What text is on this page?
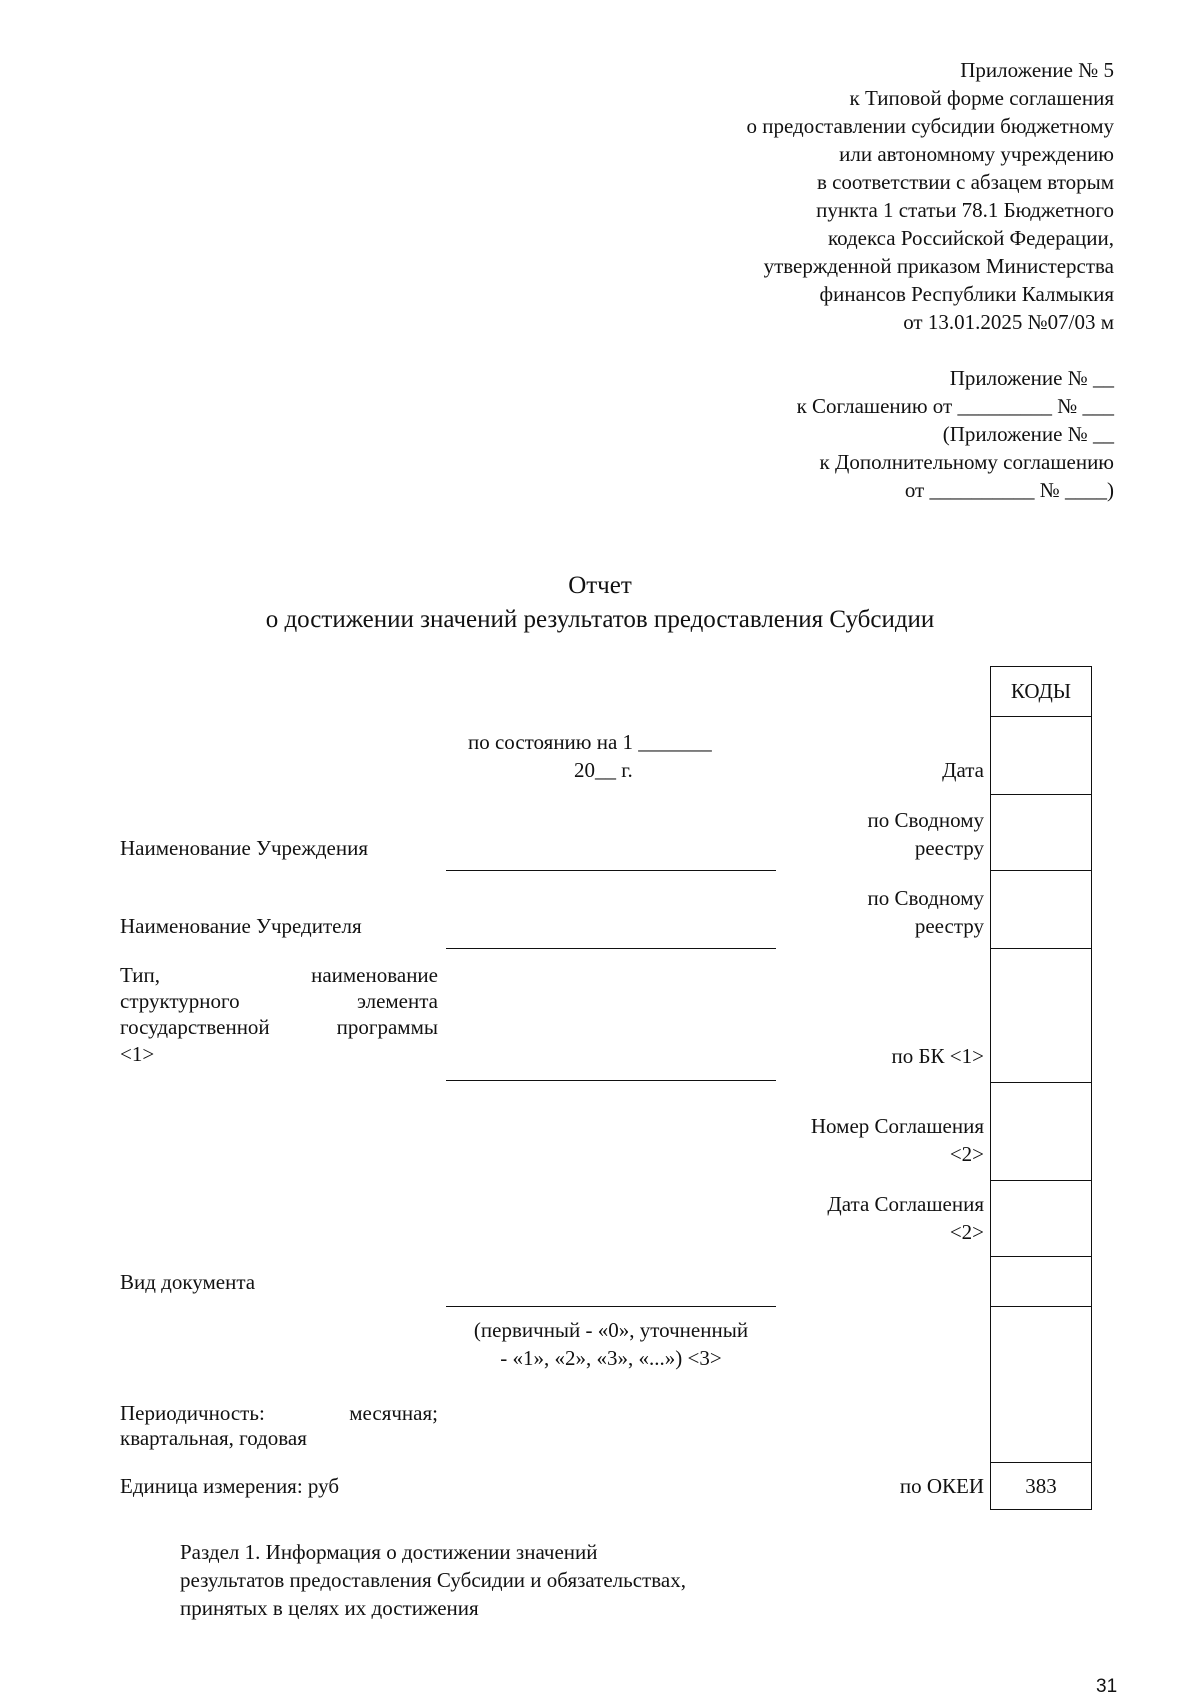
Приложение № 5
к Типовой форме соглашения
о предоставлении субсидии бюджетному
или автономному учреждению
в соответствии с абзацем вторым
пункта 1 статьи 78.1 Бюджетного
кодекса Российской Федерации,
утвержденной приказом Министерства
финансов Республики Калмыкия
от 13.01.2025 №07/03 м
Приложение № __
к Соглашению от _________ № ___
(Приложение № __
к Дополнительному соглашению
от __________ № ____)
Отчет
о достижении значений результатов предоставления Субсидии
КОДЫ
383
по состоянию на 1 _______
20__ г.	Дата
по Сводному
реестру
по Сводному
реестру
по БК <1>
Номер Соглашения
<2>
Дата Соглашения
<2>
по ОКЕИ
Наименование Учреждения
Наименование Учредителя
Тип, наименование
структурного элемента
государственной программы
<1>
Вид документа
(первичный - «0», уточненный
- «1», «2», «3», «...») <3>
Периодичность: месячная;
квартальная, годовая
Единица измерения: руб
Раздел 1. Информация о достижении значений
результатов предоставления Субсидии и обязательствах,
принятых в целях их достижения
31
